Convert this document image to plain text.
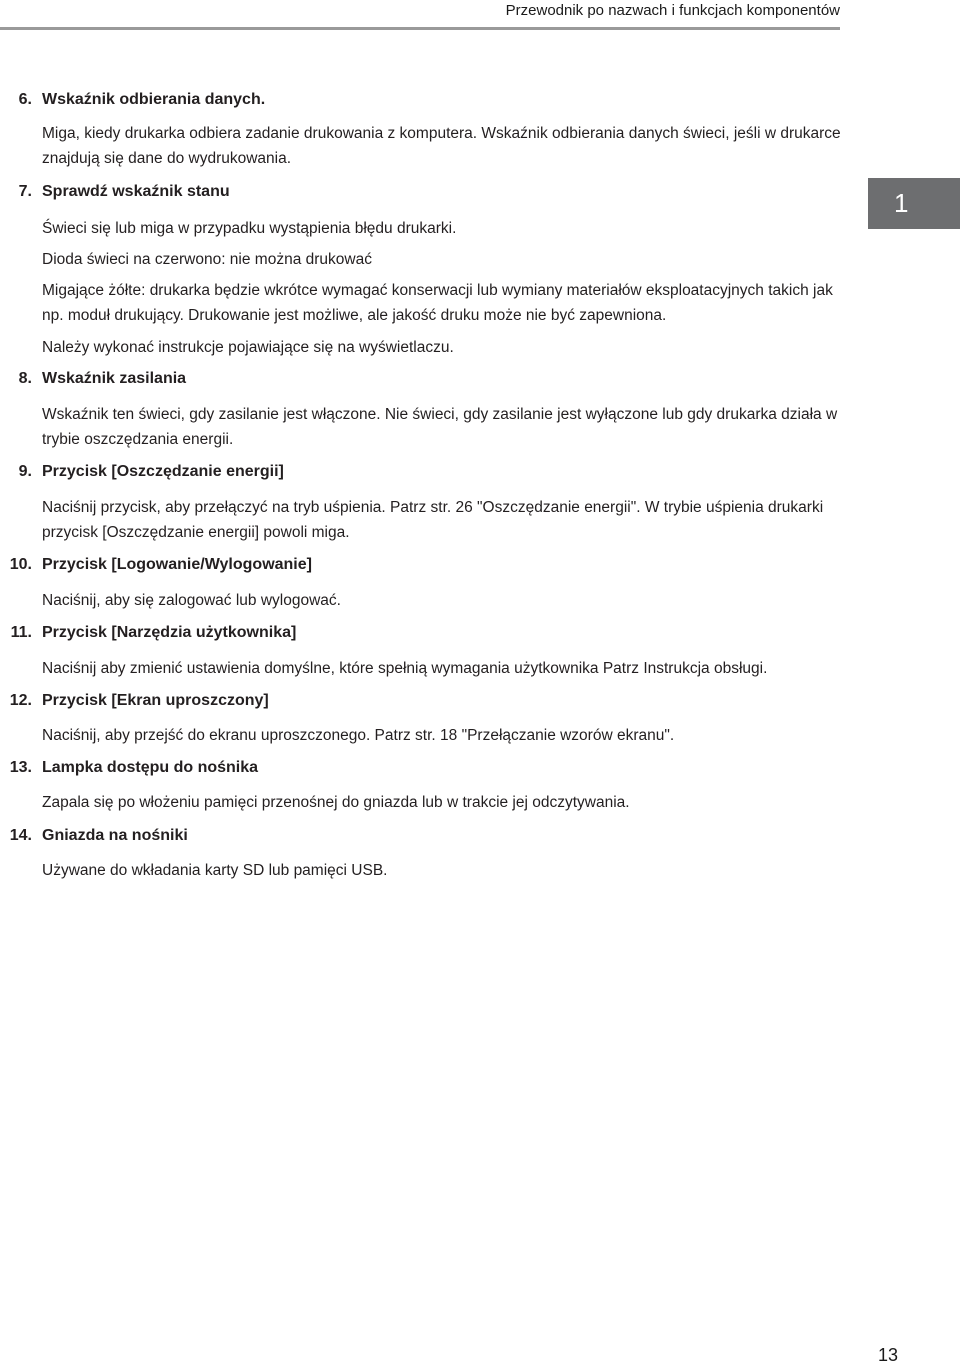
Przewodnik po nazwach i funkcjach komponentów
1
6. Wskaźnik odbierania danych.
Miga, kiedy drukarka odbiera zadanie drukowania z komputera. Wskaźnik odbierania danych świeci, jeśli w drukarce znajdują się dane do wydrukowania.
7. Sprawdź wskaźnik stanu
Świeci się lub miga w przypadku wystąpienia błędu drukarki.
Dioda świeci na czerwono: nie można drukować
Migające żółte: drukarka będzie wkrótce wymagać konserwacji lub wymiany materiałów eksploatacyjnych takich jak np. moduł drukujący. Drukowanie jest możliwe, ale jakość druku może nie być zapewniona.
Należy wykonać instrukcje pojawiające się na wyświetlaczu.
8. Wskaźnik zasilania
Wskaźnik ten świeci, gdy zasilanie jest włączone. Nie świeci, gdy zasilanie jest wyłączone lub gdy drukarka działa w trybie oszczędzania energii.
9. Przycisk [Oszczędzanie energii]
Naciśnij przycisk, aby przełączyć na tryb uśpienia. Patrz str. 26 "Oszczędzanie energii". W trybie uśpienia drukarki przycisk [Oszczędzanie energii] powoli miga.
10. Przycisk [Logowanie/Wylogowanie]
Naciśnij, aby się zalogować lub wylogować.
11. Przycisk [Narzędzia użytkownika]
Naciśnij aby zmienić ustawienia domyślne, które spełnią wymagania użytkownika Patrz Instrukcja obsługi.
12. Przycisk [Ekran uproszczony]
Naciśnij, aby przejść do ekranu uproszczonego. Patrz str. 18 "Przełączanie wzorów ekranu".
13. Lampka dostępu do nośnika
Zapala się po włożeniu pamięci przenośnej do gniazda lub w trakcie jej odczytywania.
14. Gniazda na nośniki
Używane do wkładania karty SD lub pamięci USB.
13
